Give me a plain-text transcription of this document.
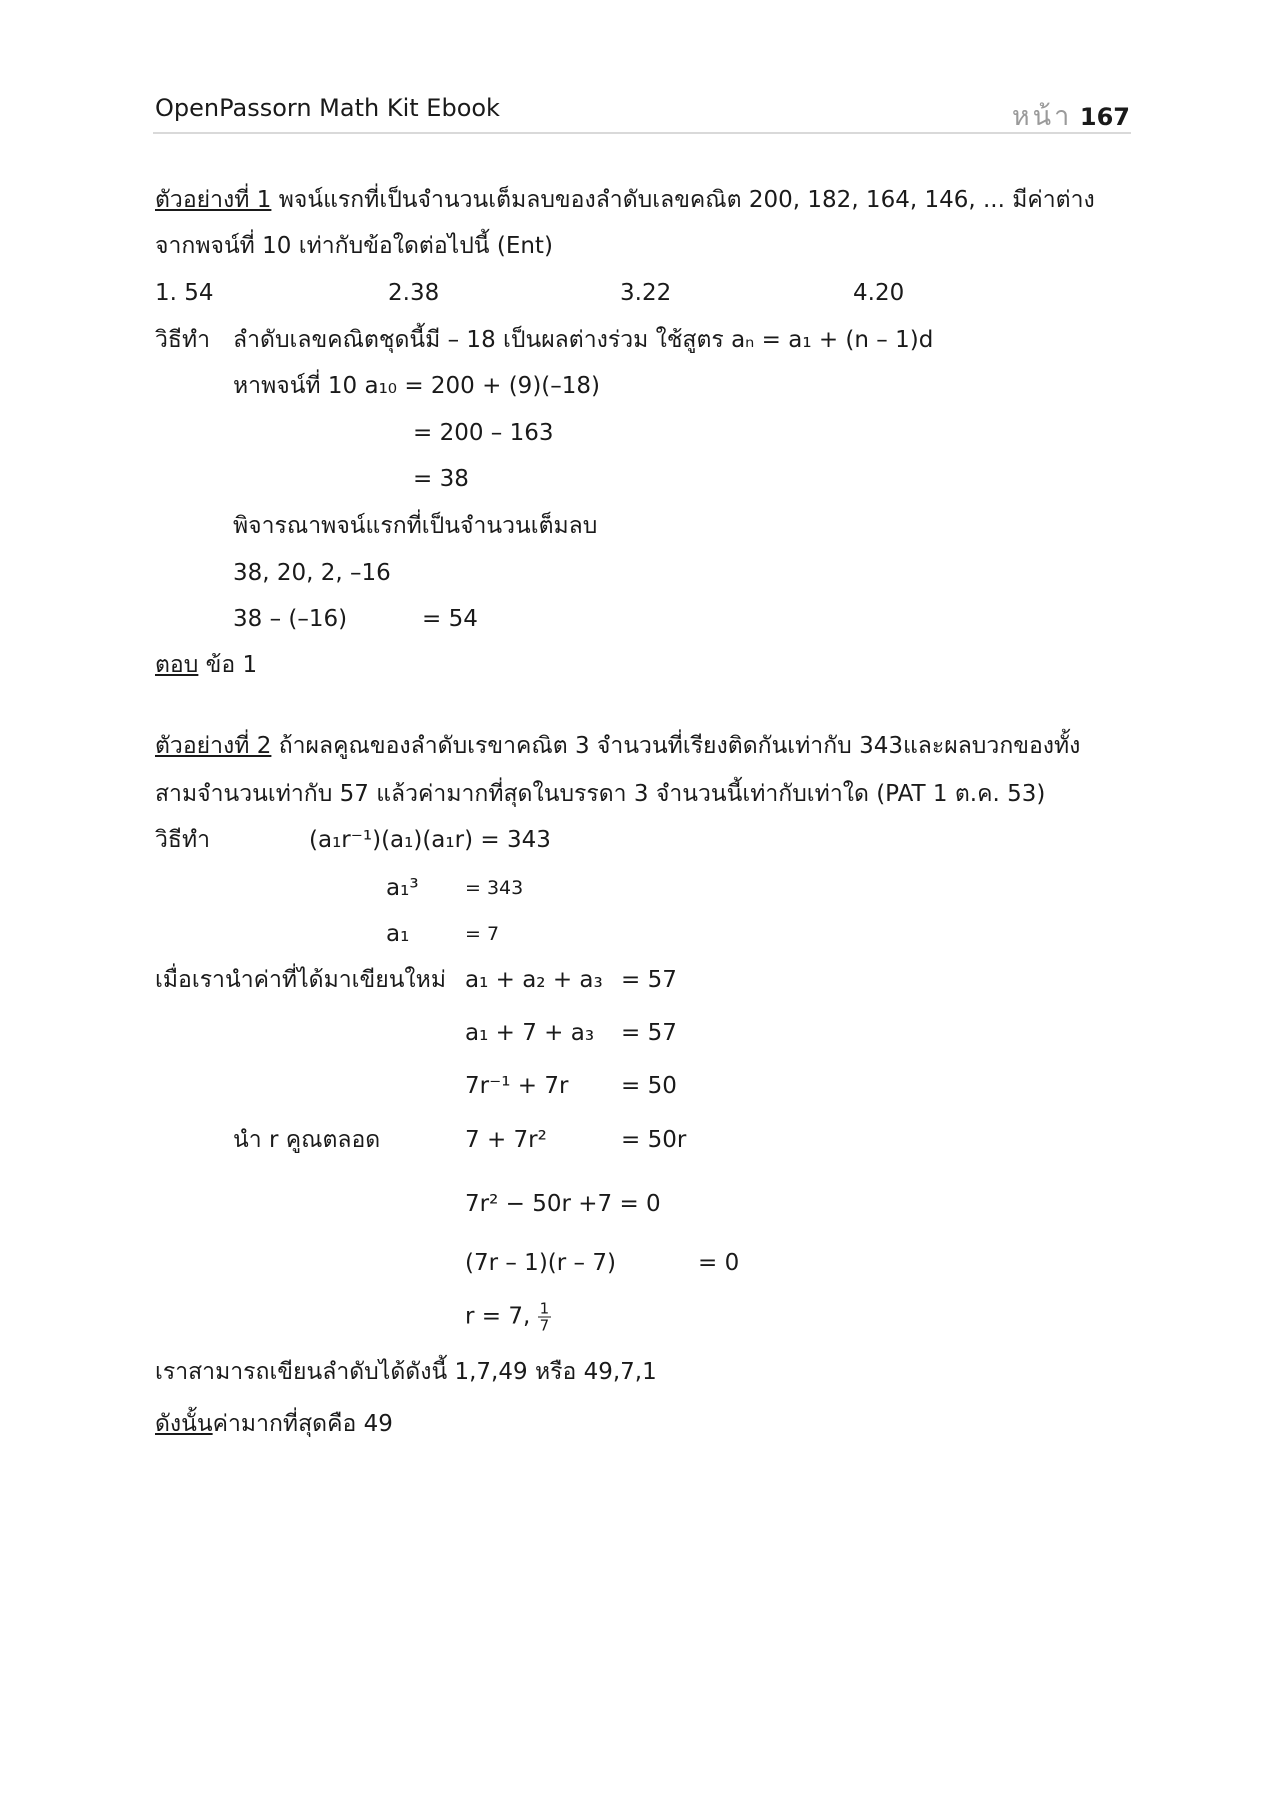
OpenPassorn Math Kit Ebook	หน้า 167
ตัวอย่างที่ 1 พจน์แรกที่เป็นจำนวนเต็มลบของลำดับเลขคณิต 200, 182, 164, 146, ... มีค่าต่าง
จากพจน์ที่ 10 เท่ากับข้อใดต่อไปนี้ (Ent)
1. 54	2.38	3.22	4.20
วิธีทำ ลำดับเลขคณิตชุดนี้มี – 18 เป็นผลต่างร่วม ใช้สูตร aₙ = a₁ + (n – 1)d
หาพจน์ที่ 10 a₁₀ = 200 + (9)(–18)
= 200 – 163
= 38
พิจารณาพจน์แรกที่เป็นจำนวนเต็มลบ
38, 20, 2, –16
38 – (–16)	= 54
ตอบ ข้อ 1
ตัวอย่างที่ 2 ถ้าผลคูณของลำดับเรขาคณิต 3 จำนวนที่เรียงติดกันเท่ากับ 343และผลบวกของทั้ง
สามจำนวนเท่ากับ 57 แล้วค่ามากที่สุดในบรรดา 3 จำนวนนี้เท่ากับเท่าใด (PAT 1 ต.ค. 53)
วิธีทำ	(a₁r⁻¹)(a₁)(a₁r) = 343
a₁³ = 343
a₁	= 7
เมื่อเรานำค่าที่ได้มาเขียนใหม่ a₁ + a₂ + a₃ = 57
a₁ + 7 + a₃ = 57
7r⁻¹ + 7r = 50
นำ r คูณตลอด	7 + 7r²	= 50r
7r² − 50r +7 = 0
(7r – 1)(r – 7)	= 0
r = 7, $\frac{1}{7}$
เราสามารถเขียนลำดับได้ดังนี้ 1,7,49 หรือ 49,7,1
ดังนั้นค่ามากที่สุดคือ 49
